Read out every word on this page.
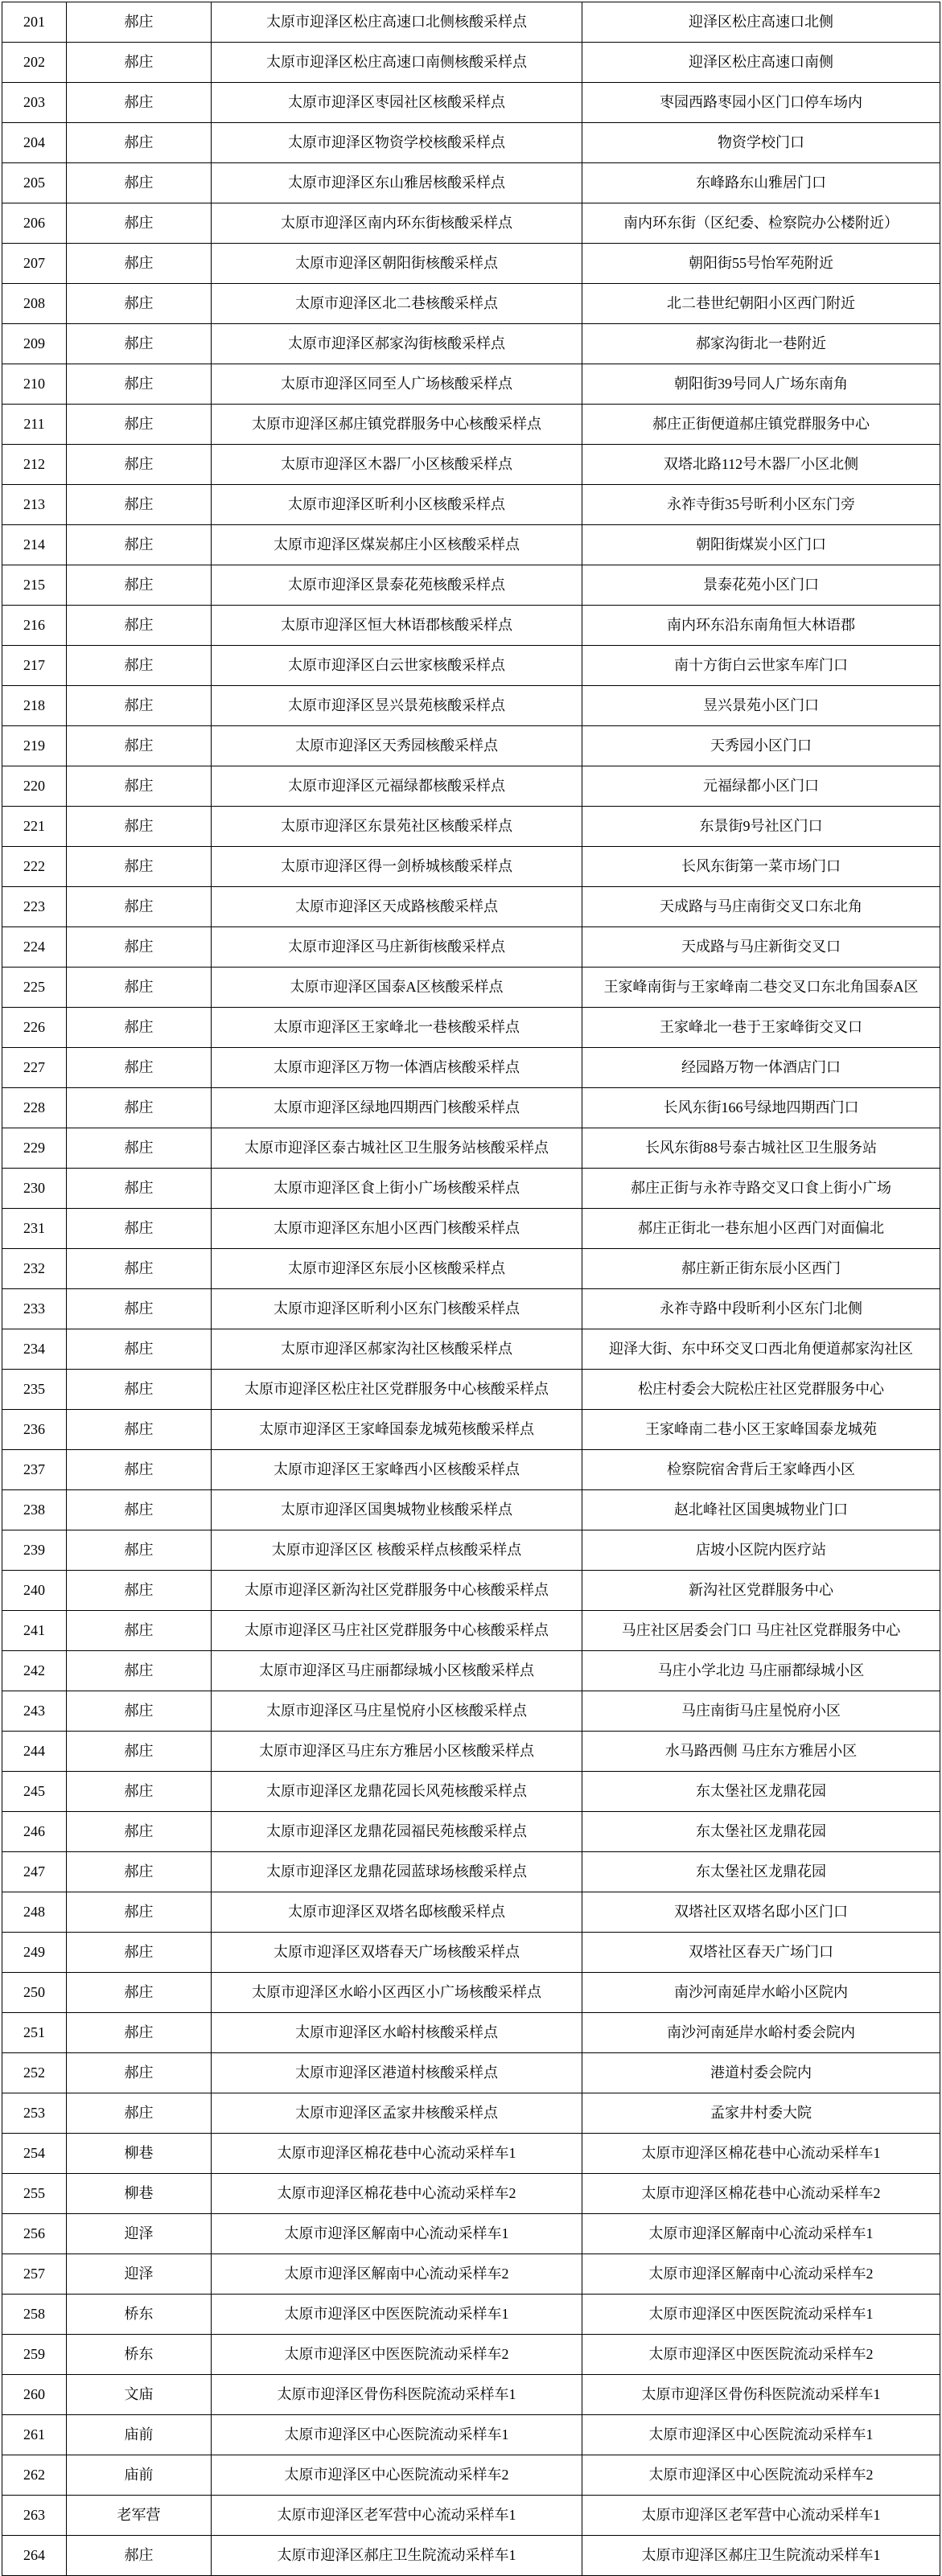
201	郝庄	太原市迎泽区松庄高速口北侧核酸采样点	迎泽区松庄高速口北侧
202	郝庄	太原市迎泽区松庄高速口南侧核酸采样点	迎泽区松庄高速口南侧
203	郝庄	太原市迎泽区枣园社区核酸采样点	枣园西路枣园小区门口停车场内
204	郝庄	太原市迎泽区物资学校核酸采样点	物资学校门口
205	郝庄	太原市迎泽区东山雅居核酸采样点	东峰路东山雅居门口
206	郝庄	太原市迎泽区南内环东街核酸采样点	南内环东街（区纪委、检察院办公楼附近）
207	郝庄	太原市迎泽区朝阳街核酸采样点	朝阳街55号怡军苑附近
208	郝庄	太原市迎泽区北二巷核酸采样点	北二巷世纪朝阳小区西门附近
209	郝庄	太原市迎泽区郝家沟街核酸采样点	郝家沟街北一巷附近
210	郝庄	太原市迎泽区同至人广场核酸采样点	朝阳街39号同人广场东南角
211	郝庄	太原市迎泽区郝庄镇党群服务中心核酸采样点	郝庄正街便道郝庄镇党群服务中心
212	郝庄	太原市迎泽区木器厂小区核酸采样点	双塔北路112号木器厂小区北侧
213	郝庄	太原市迎泽区昕利小区核酸采样点	永祚寺街35号昕利小区东门旁
214	郝庄	太原市迎泽区煤炭郝庄小区核酸采样点	朝阳街煤炭小区门口
215	郝庄	太原市迎泽区景泰花苑核酸采样点	景泰花苑小区门口
216	郝庄	太原市迎泽区恒大林语郡核酸采样点	南内环东沿东南角恒大林语郡
217	郝庄	太原市迎泽区白云世家核酸采样点	南十方街白云世家车库门口
218	郝庄	太原市迎泽区昱兴景苑核酸采样点	昱兴景苑小区门口
219	郝庄	太原市迎泽区天秀园核酸采样点	天秀园小区门口
220	郝庄	太原市迎泽区元福绿都核酸采样点	元福绿都小区门口
221	郝庄	太原市迎泽区东景苑社区核酸采样点	东景街9号社区门口
222	郝庄	太原市迎泽区得一剑桥城核酸采样点	长风东街第一菜市场门口
223	郝庄	太原市迎泽区天成路核酸采样点	天成路与马庄南街交叉口东北角
224	郝庄	太原市迎泽区马庄新街核酸采样点	天成路与马庄新街交叉口
225	郝庄	太原市迎泽区国泰A区核酸采样点	王家峰南街与王家峰南二巷交叉口东北角国泰A区
226	郝庄	太原市迎泽区王家峰北一巷核酸采样点	王家峰北一巷于王家峰街交叉口
227	郝庄	太原市迎泽区万物一体酒店核酸采样点	经园路万物一体酒店门口
228	郝庄	太原市迎泽区绿地四期西门核酸采样点	长风东街166号绿地四期西门口
229	郝庄	太原市迎泽区泰古城社区卫生服务站核酸采样点	长风东街88号泰古城社区卫生服务站
230	郝庄	太原市迎泽区食上街小广场核酸采样点	郝庄正街与永祚寺路交叉口食上街小广场
231	郝庄	太原市迎泽区东旭小区西门核酸采样点	郝庄正街北一巷东旭小区西门对面偏北
232	郝庄	太原市迎泽区东辰小区核酸采样点	郝庄新正街东辰小区西门
233	郝庄	太原市迎泽区昕利小区东门核酸采样点	永祚寺路中段昕利小区东门北侧
234	郝庄	太原市迎泽区郝家沟社区核酸采样点	迎泽大街、东中环交叉口西北角便道郝家沟社区
235	郝庄	太原市迎泽区松庄社区党群服务中心核酸采样点	松庄村委会大院松庄社区党群服务中心
236	郝庄	太原市迎泽区王家峰国泰龙城苑核酸采样点	王家峰南二巷小区王家峰国泰龙城苑
237	郝庄	太原市迎泽区王家峰西小区核酸采样点	检察院宿舍背后王家峰西小区
238	郝庄	太原市迎泽区国奥城物业核酸采样点	赵北峰社区国奥城物业门口
239	郝庄	太原市迎泽区区 核酸采样点核酸采样点	店坡小区院内医疗站
240	郝庄	太原市迎泽区新沟社区党群服务中心核酸采样点	新沟社区党群服务中心
241	郝庄	太原市迎泽区马庄社区党群服务中心核酸采样点	马庄社区居委会门口 马庄社区党群服务中心
242	郝庄	太原市迎泽区马庄丽都绿城小区核酸采样点	马庄小学北边 马庄丽都绿城小区
243	郝庄	太原市迎泽区马庄星悦府小区核酸采样点	马庄南街马庄星悦府小区
244	郝庄	太原市迎泽区马庄东方雅居小区核酸采样点	水马路西侧 马庄东方雅居小区
245	郝庄	太原市迎泽区龙鼎花园长风苑核酸采样点	东太堡社区龙鼎花园
246	郝庄	太原市迎泽区龙鼎花园福民苑核酸采样点	东太堡社区龙鼎花园
247	郝庄	太原市迎泽区龙鼎花园蓝球场核酸采样点	东太堡社区龙鼎花园
248	郝庄	太原市迎泽区双塔名邸核酸采样点	双塔社区双塔名邸小区门口
249	郝庄	太原市迎泽区双塔春天广场核酸采样点	双塔社区春天广场门口
250	郝庄	太原市迎泽区水峪小区西区小广场核酸采样点	南沙河南延岸水峪小区院内
251	郝庄	太原市迎泽区水峪村核酸采样点	南沙河南延岸水峪村委会院内
252	郝庄	太原市迎泽区港道村核酸采样点	港道村委会院内
253	郝庄	太原市迎泽区孟家井核酸采样点	孟家井村委大院
254	柳巷	太原市迎泽区棉花巷中心流动采样车1	太原市迎泽区棉花巷中心流动采样车1
255	柳巷	太原市迎泽区棉花巷中心流动采样车2	太原市迎泽区棉花巷中心流动采样车2
256	迎泽	太原市迎泽区解南中心流动采样车1	太原市迎泽区解南中心流动采样车1
257	迎泽	太原市迎泽区解南中心流动采样车2	太原市迎泽区解南中心流动采样车2
258	桥东	太原市迎泽区中医医院流动采样车1	太原市迎泽区中医医院流动采样车1
259	桥东	太原市迎泽区中医医院流动采样车2	太原市迎泽区中医医院流动采样车2
260	文庙	太原市迎泽区骨伤科医院流动采样车1	太原市迎泽区骨伤科医院流动采样车1
261	庙前	太原市迎泽区中心医院流动采样车1	太原市迎泽区中心医院流动采样车1
262	庙前	太原市迎泽区中心医院流动采样车2	太原市迎泽区中心医院流动采样车2
263	老军营	太原市迎泽区老军营中心流动采样车1	太原市迎泽区老军营中心流动采样车1
264	郝庄	太原市迎泽区郝庄卫生院流动采样车1	太原市迎泽区郝庄卫生院流动采样车1
